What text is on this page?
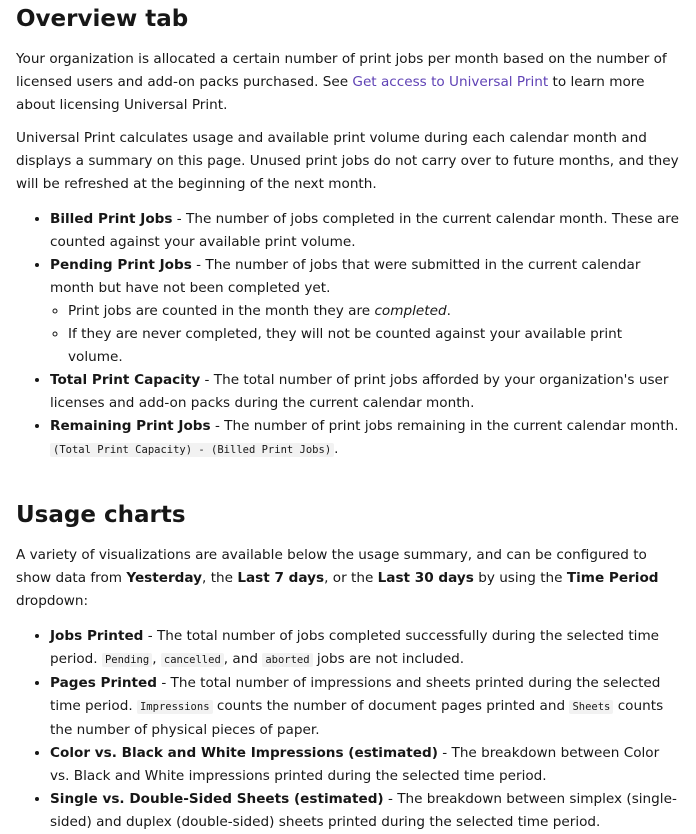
Overview tab

Your organization is allocated a certain number of print jobs per month based on the number of licensed users and add-on packs purchased. See Get access to Universal Print to learn more about licensing Universal Print.

Universal Print calculates usage and available print volume during each calendar month and displays a summary on this page. Unused print jobs do not carry over to future months, and they will be refreshed at the beginning of the next month.

• Billed Print Jobs - The number of jobs completed in the current calendar month. These are counted against your available print volume.
• Pending Print Jobs - The number of jobs that were submitted in the current calendar month but have not been completed yet.
◦ Print jobs are counted in the month they are completed.
◦ If they are never completed, they will not be counted against your available print volume.
• Total Print Capacity - The total number of print jobs afforded by your organization's user licenses and add-on packs during the current calendar month.
• Remaining Print Jobs - The number of print jobs remaining in the current calendar month. (Total Print Capacity) - (Billed Print Jobs) .
Usage charts

A variety of visualizations are available below the usage summary, and can be configured to show data from Yesterday, the Last 7 days, or the Last 30 days by using the Time Period dropdown:

• Jobs Printed - The total number of jobs completed successfully during the selected time period. Pending , cancelled , and aborted jobs are not included.
• Pages Printed - The total number of impressions and sheets printed during the selected time period. Impressions counts the number of document pages printed and Sheets counts the number of physical pieces of paper.
• Color vs. Black and White Impressions (estimated) - The breakdown between Color vs. Black and White impressions printed during the selected time period.
• Single vs. Double-Sided Sheets (estimated) - The breakdown between simplex (single-sided) and duplex (double-sided) sheets printed during the selected time period.
